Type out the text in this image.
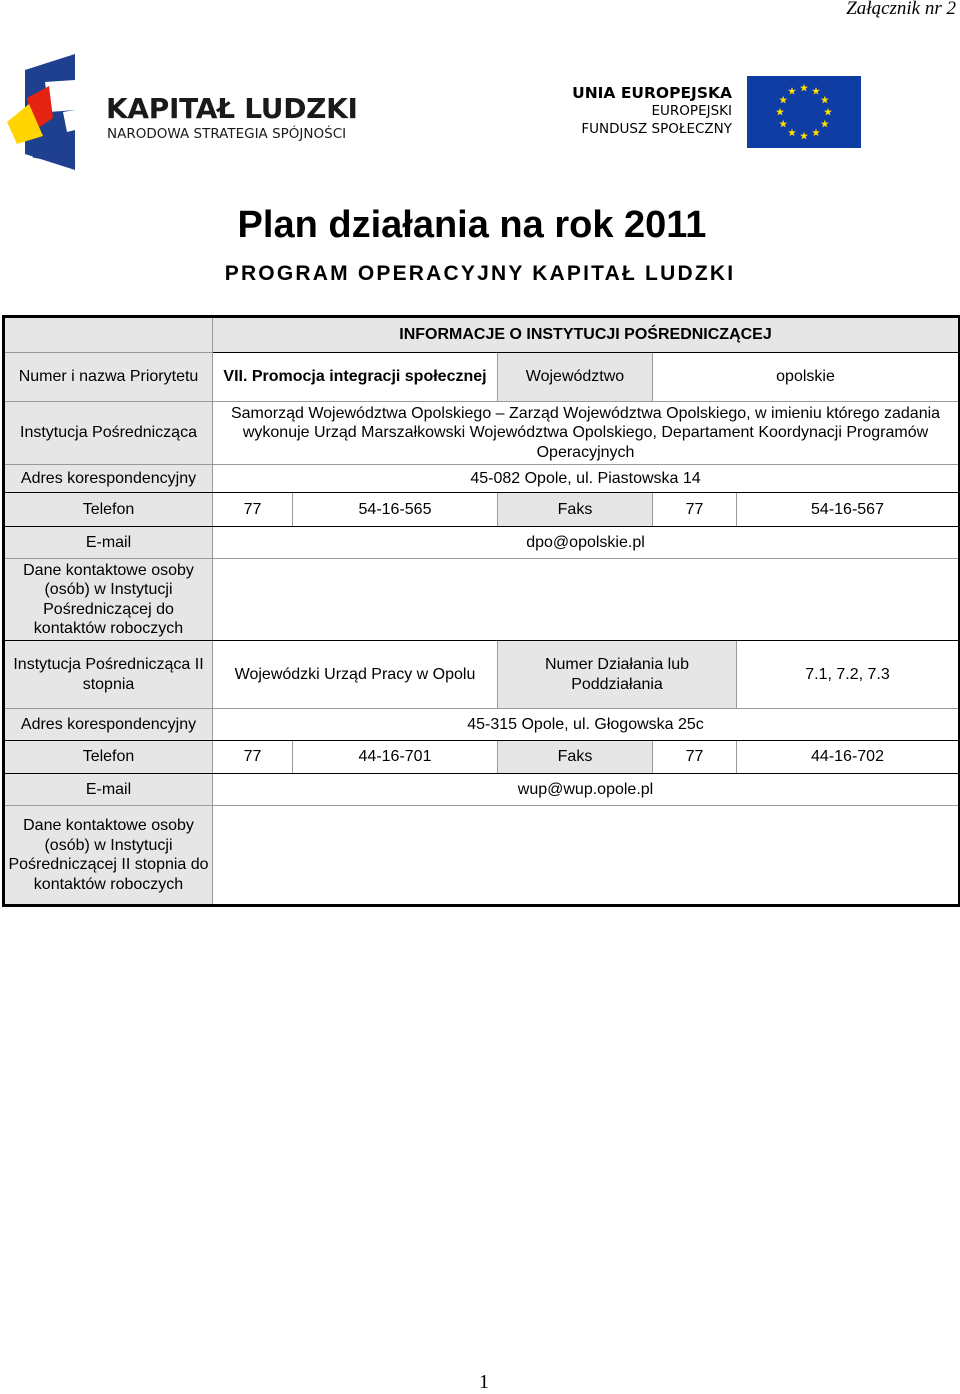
Załącznik nr 2
KAPITAŁ LUDZKI
NARODOWA STRATEGIA SPÓJNOŚCI
UNIA EUROPEJSKA
EUROPEJSKI
FUNDUSZ SPOŁECZNY
Plan działania na rok 2011
PROGRAM OPERACYJNY KAPITAŁ LUDZKI
	INFORMACJE O INSTYTUCJI POŚREDNICZĄCEJ				
Numer i nazwa Priorytetu	VII. Promocja integracji społecznej		Województwo	opolskie	
Instytucja Pośrednicząca	Samorząd Województwa Opolskiego – Zarząd Województwa Opolskiego, w imieniu którego zadania wykonuje Urząd Marszałkowski Województwa Opolskiego, Departament Koordynacji Programów Operacyjnych				
Adres korespondencyjny	45-082 Opole, ul. Piastowska 14				
Telefon	77	54-16-565	Faks	77	54-16-567
E-mail	dpo@opolskie.pl				
Dane kontaktowe osoby (osób) w Instytucji Pośredniczącej do kontaktów roboczych					
Instytucja Pośrednicząca II stopnia	Wojewódzki Urząd Pracy w Opolu		Numer Działania lub Poddziałania		7.1, 7.2, 7.3
Adres korespondencyjny	45-315 Opole, ul. Głogowska 25c				
Telefon	77	44-16-701	Faks	77	44-16-702
E-mail	wup@wup.opole.pl				
Dane kontaktowe osoby (osób) w Instytucji Pośredniczącej II stopnia do kontaktów roboczych					
1
